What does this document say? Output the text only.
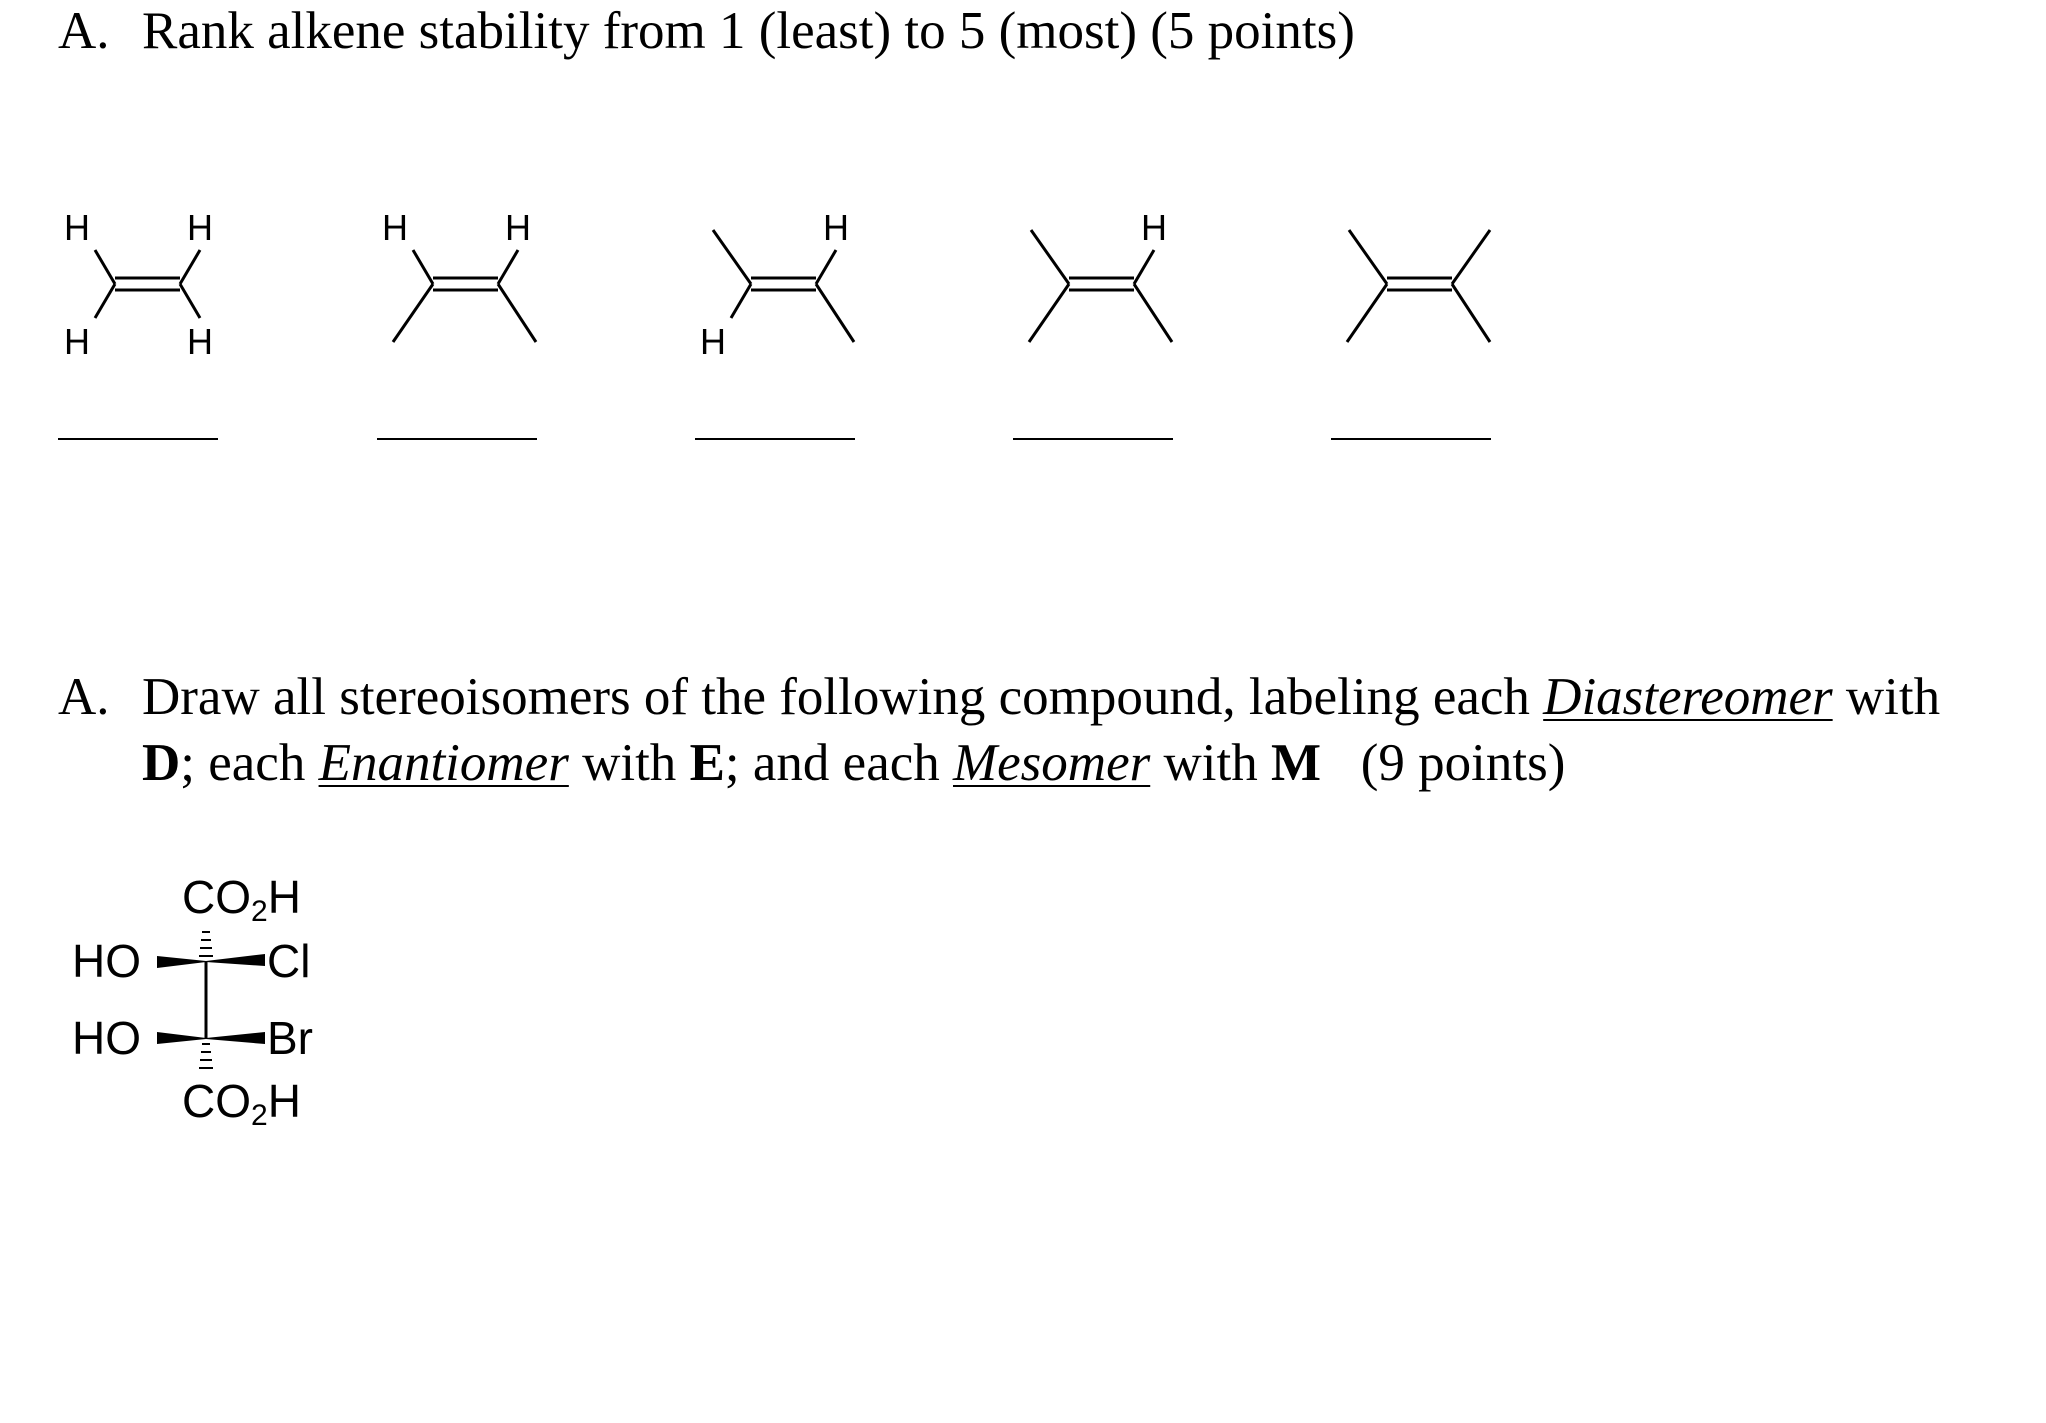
A. Rank alkene stability from 1 (least) to 5 (most) (5 points)
H	H
H	H
H	H	H
H
H
A. Draw all stereoisomers of the following compound, labeling each Diastereomer with
D; each Enantiomer with E; and each Mesomer with M   (9 points)
$CO_2H$
HO	Cl
HO	Br
$CO_2H$
